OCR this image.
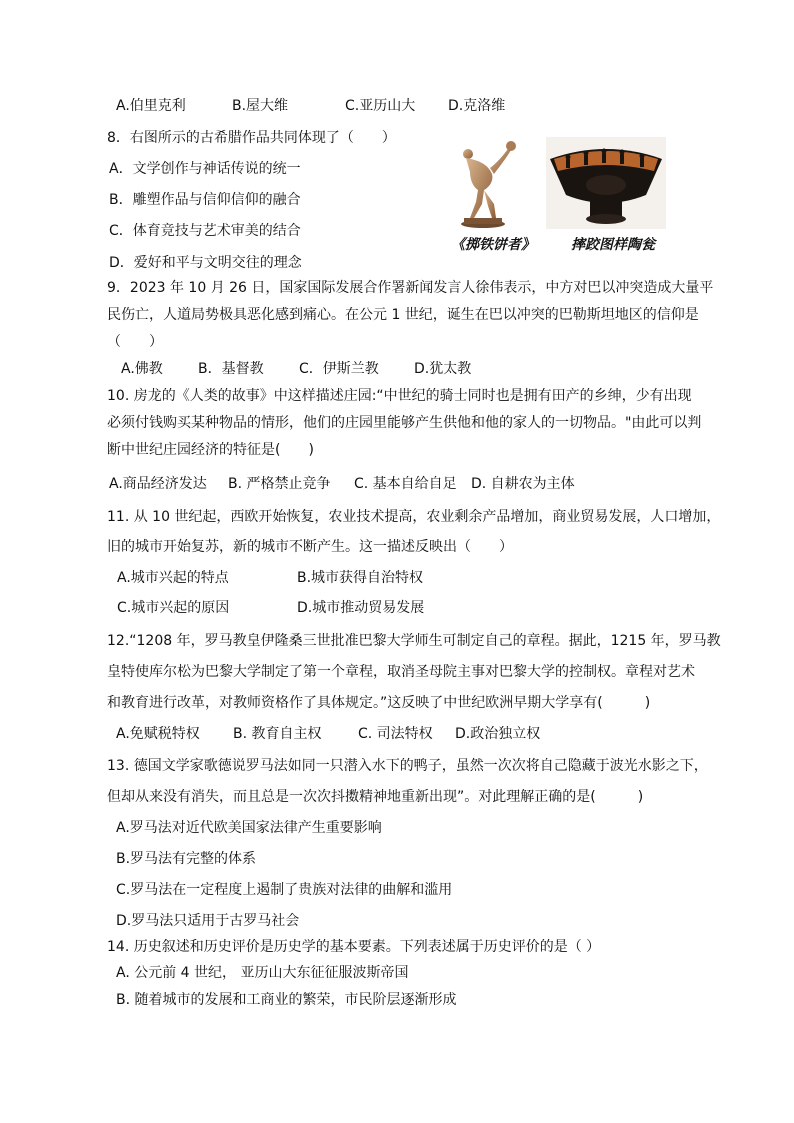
A.伯里克利	B.屋大维	C.亚历山大 D.克洛维
8．右图所示的古希腊作品共同体现了（　　）
A．文学创作与神话传说的统一
B．雕塑作品与信仰信仰的融合
C．体育竞技与艺术审美的结合
D．爱好和平与文明交往的理念
《掷铁饼者》	摔跤图样陶瓮
9．2023 年 10 月 26 日，国家国际发展合作署新闻发言人徐伟表示，中方对巴以冲突造成大量平
民伤亡，人道局势极具恶化感到痛心。在公元 1 世纪，诞生在巴以冲突的巴勒斯坦地区的信仰是
（　　）
A.佛教	B．基督教	C．伊斯兰教	D.犹太教
10. 房龙的《人类的故事》中这样描述庄园:“中世纪的骑士同时也是拥有田产的乡绅，少有出现
必须付钱购买某种物品的情形，他们的庄园里能够产生供他和他的家人的一切物品。"由此可以判
断中世纪庄园经济的特征是(　　)
A.商品经济发达 B. 严格禁止竞争 C. 基本自给自足 D. 自耕农为主体
11. 从 10 世纪起，西欧开始恢复，农业技术提高，农业剩余产品增加，商业贸易发展，人口增加，
旧的城市开始复苏，新的城市不断产生。这一描述反映出（　　）
A.城市兴起的特点	B.城市获得自治特权
C.城市兴起的原因	D.城市推动贸易发展
12.“1208 年，罗马教皇伊隆桑三世批准巴黎大学师生可制定自己的章程。据此，1215 年，罗马教
皇特使库尔松为巴黎大学制定了第一个章程，取消圣母院主事对巴黎大学的控制权。章程对艺术
和教育进行改革，对教师资格作了具体规定。”这反映了中世纪欧洲早期大学享有(　　　)
A.免赋税特权 B. 教育自主权	C. 司法特权 D.政治独立权
13. 德国文学家歌德说罗马法如同一只潜入水下的鸭子，虽然一次次将自己隐藏于波光水影之下，
但却从来没有消失，而且总是一次次抖擞精神地重新出现”。对此理解正确的是(　　　)
A.罗马法对近代欧美国家法律产生重要影响
B.罗马法有完整的体系
C.罗马法在一定程度上遏制了贵族对法律的曲解和滥用
D.罗马法只适用于古罗马社会
14. 历史叙述和历史评价是历史学的基本要素。下列表述属于历史评价的是（ ）
A. 公元前 4 世纪， 亚历山大东征征服波斯帝国
B. 随着城市的发展和工商业的繁荣，市民阶层逐渐形成
